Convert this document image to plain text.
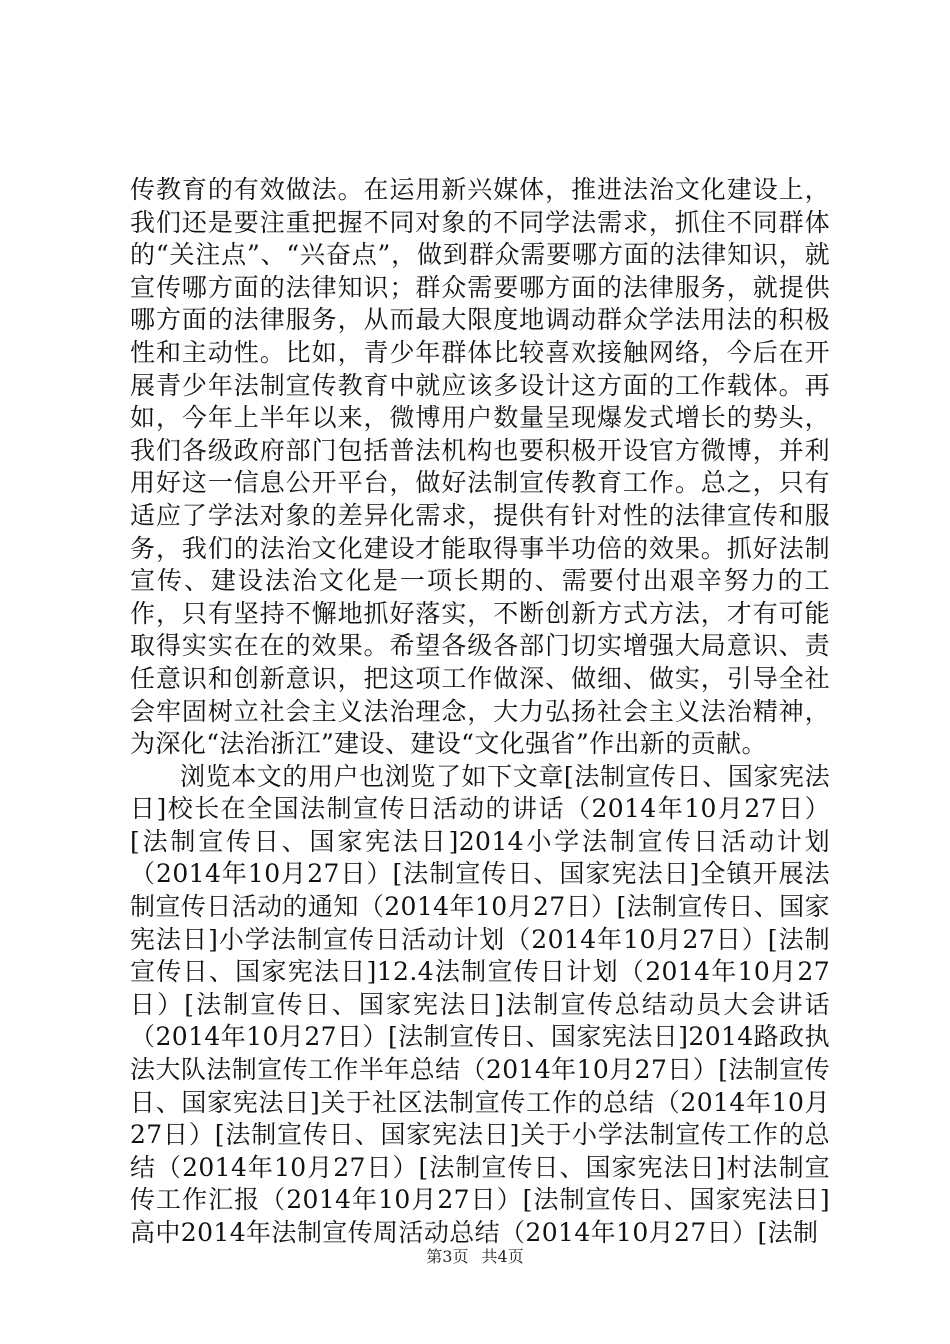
传教育的有效做法。在运用新兴媒体，推进法治文化建设上，我们还是要注重把握不同对象的不同学法需求，抓住不同群体的“关注点”、“兴奋点”，做到群众需要哪方面的法律知识，就宣传哪方面的法律知识；群众需要哪方面的法律服务，就提供哪方面的法律服务，从而最大限度地调动群众学法用法的积极性和主动性。比如，青少年群体比较喜欢接触网络，今后在开展青少年法制宣传教育中就应该多设计这方面的工作载体。再如，今年上半年以来，微博用户数量呈现爆发式增长的势头，我们各级政府部门包括普法机构也要积极开设官方微博，并利用好这一信息公开平台，做好法制宣传教育工作。总之，只有适应了学法对象的差异化需求，提供有针对性的法律宣传和服务，我们的法治文化建设才能取得事半功倍的效果。抓好法制宣传、建设法治文化是一项长期的、需要付出艰辛努力的工作，只有坚持不懈地抓好落实，不断创新方式方法，才有可能取得实实在在的效果。希望各级各部门切实增强大局意识、责任意识和创新意识，把这项工作做深、做细、做实，引导全社会牢固树立社会主义法治理念，大力弘扬社会主义法治精神，为深化“法治浙江”建设、建设“文化强省”作出新的贡献。

浏览本文的用户也浏览了如下文章[法制宣传日、国家宪法日]校长在全国法制宣传日活动的讲话（2014年10月27日）[法制宣传日、国家宪法日]2014小学法制宣传日活动计划（2014年10月27日）[法制宣传日、国家宪法日]全镇开展法制宣传日活动的通知（2014年10月27日）[法制宣传日、国家宪法日]小学法制宣传日活动计划（2014年10月27日）[法制宣传日、国家宪法日]12.4法制宣传日计划（2014年10月27日）[法制宣传日、国家宪法日]法制宣传总结动员大会讲话（2014年10月27日）[法制宣传日、国家宪法日]2014路政执法大队法制宣传工作半年总结（2014年10月27日）[法制宣传日、国家宪法日]关于社区法制宣传工作的总结（2014年10月27日）[法制宣传日、国家宪法日]关于小学法制宣传工作的总结（2014年10月27日）[法制宣传日、国家宪法日]村法制宣传工作汇报（2014年10月27日）[法制宣传日、国家宪法日]高中2014年法制宣传周活动总结（2014年10月27日）[法制

第3页 共4页
